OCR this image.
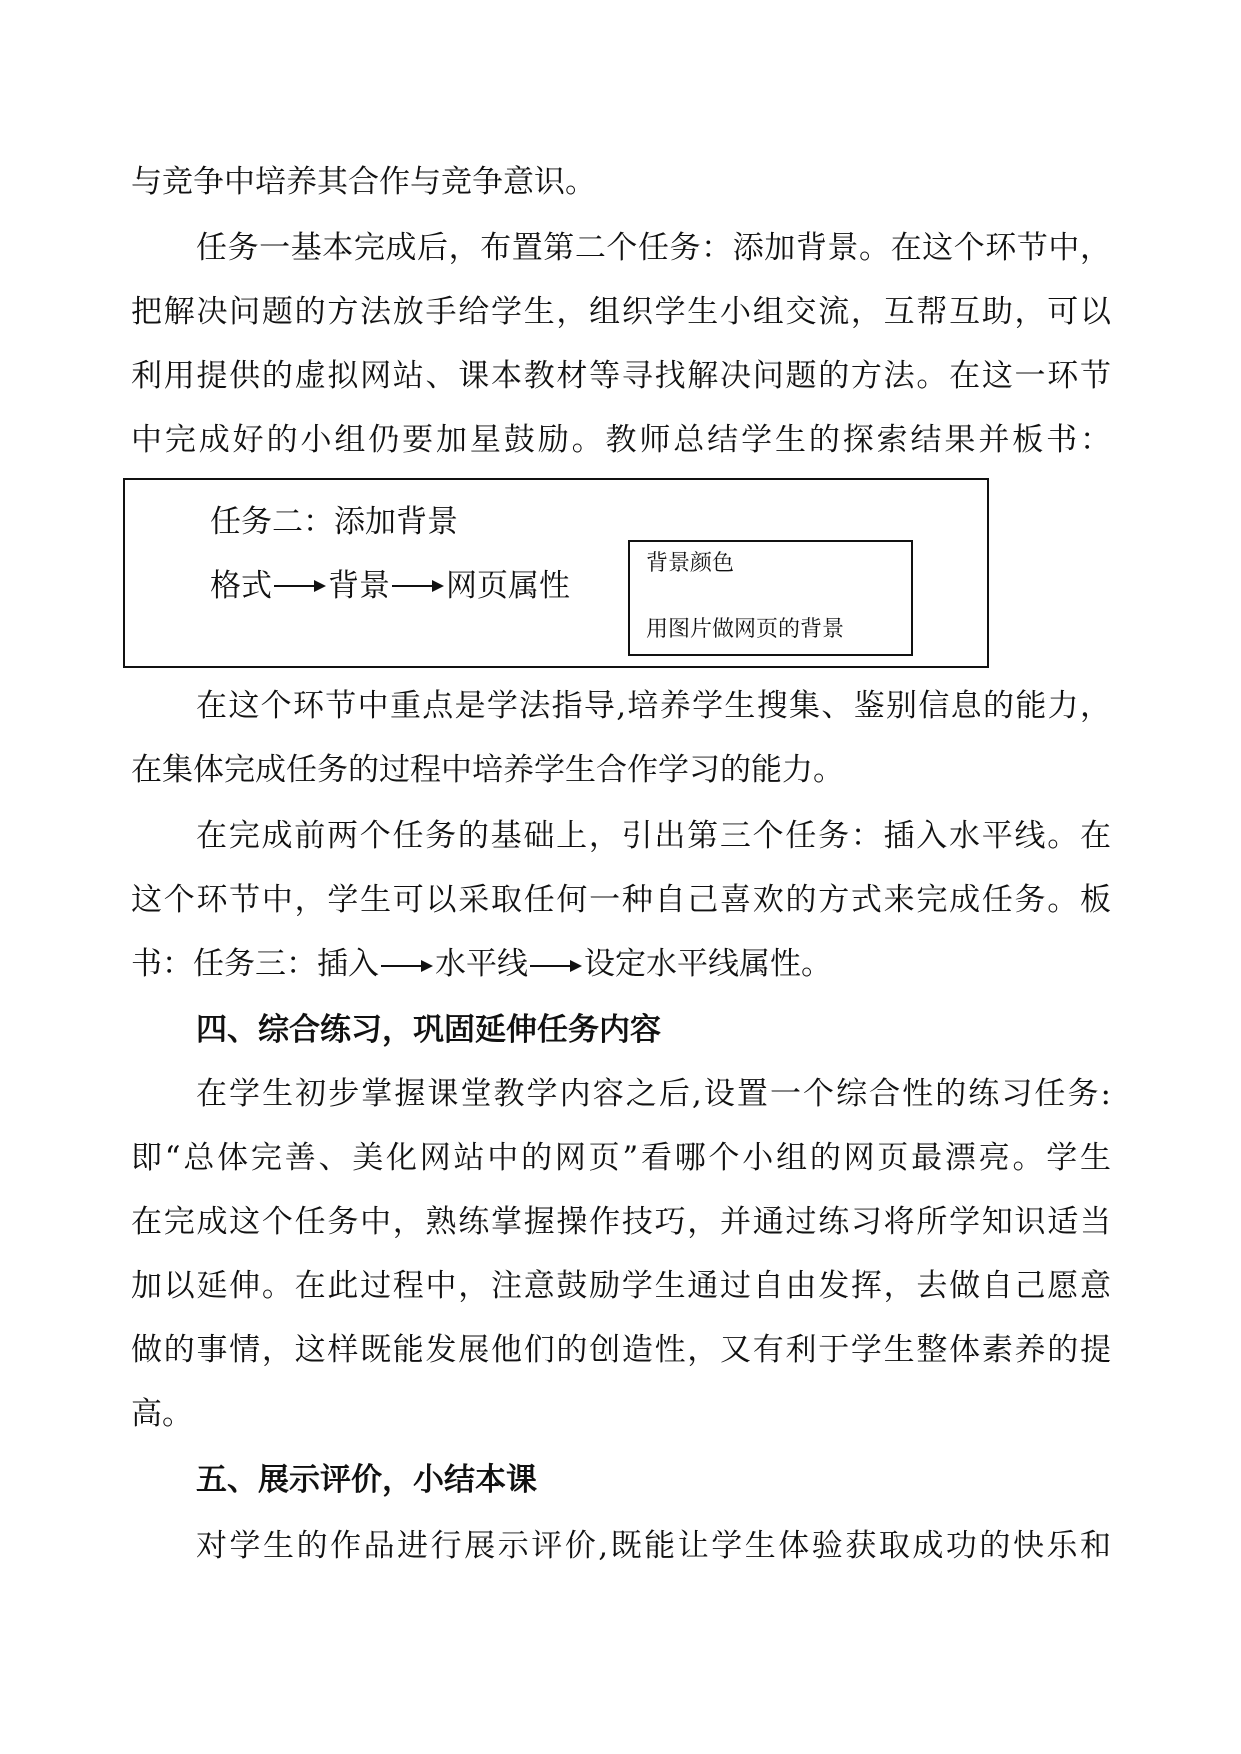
与竞争中培养其合作与竞争意识。
任务一基本完成后，布置第二个任务：添加背景。在这个环节中，
把解决问题的方法放手给学生，组织学生小组交流，互帮互助，可以
利用提供的虚拟网站、课本教材等寻找解决问题的方法。在这一环节
中完成好的小组仍要加星鼓励。教师总结学生的探索结果并板书：
任务二：添加背景
格式 背景 网页属性
背景颜色
用图片做网页的背景
在这个环节中重点是学法指导,培养学生搜集、鉴别信息的能力，
在集体完成任务的过程中培养学生合作学习的能力。
在完成前两个任务的基础上，引出第三个任务：插入水平线。在
这个环节中，学生可以采取任何一种自己喜欢的方式来完成任务。板
书：任务三：插入 水平线 设定水平线属性。
四、综合练习，巩固延伸任务内容
在学生初步掌握课堂教学内容之后,设置一个综合性的练习任务:
即“总体完善、美化网站中的网页”看哪个小组的网页最漂亮。学生
在完成这个任务中，熟练掌握操作技巧，并通过练习将所学知识适当
加以延伸。在此过程中，注意鼓励学生通过自由发挥，去做自己愿意
做的事情，这样既能发展他们的创造性，又有利于学生整体素养的提
高。
五、展示评价，小结本课
对学生的作品进行展示评价,既能让学生体验获取成功的快乐和
